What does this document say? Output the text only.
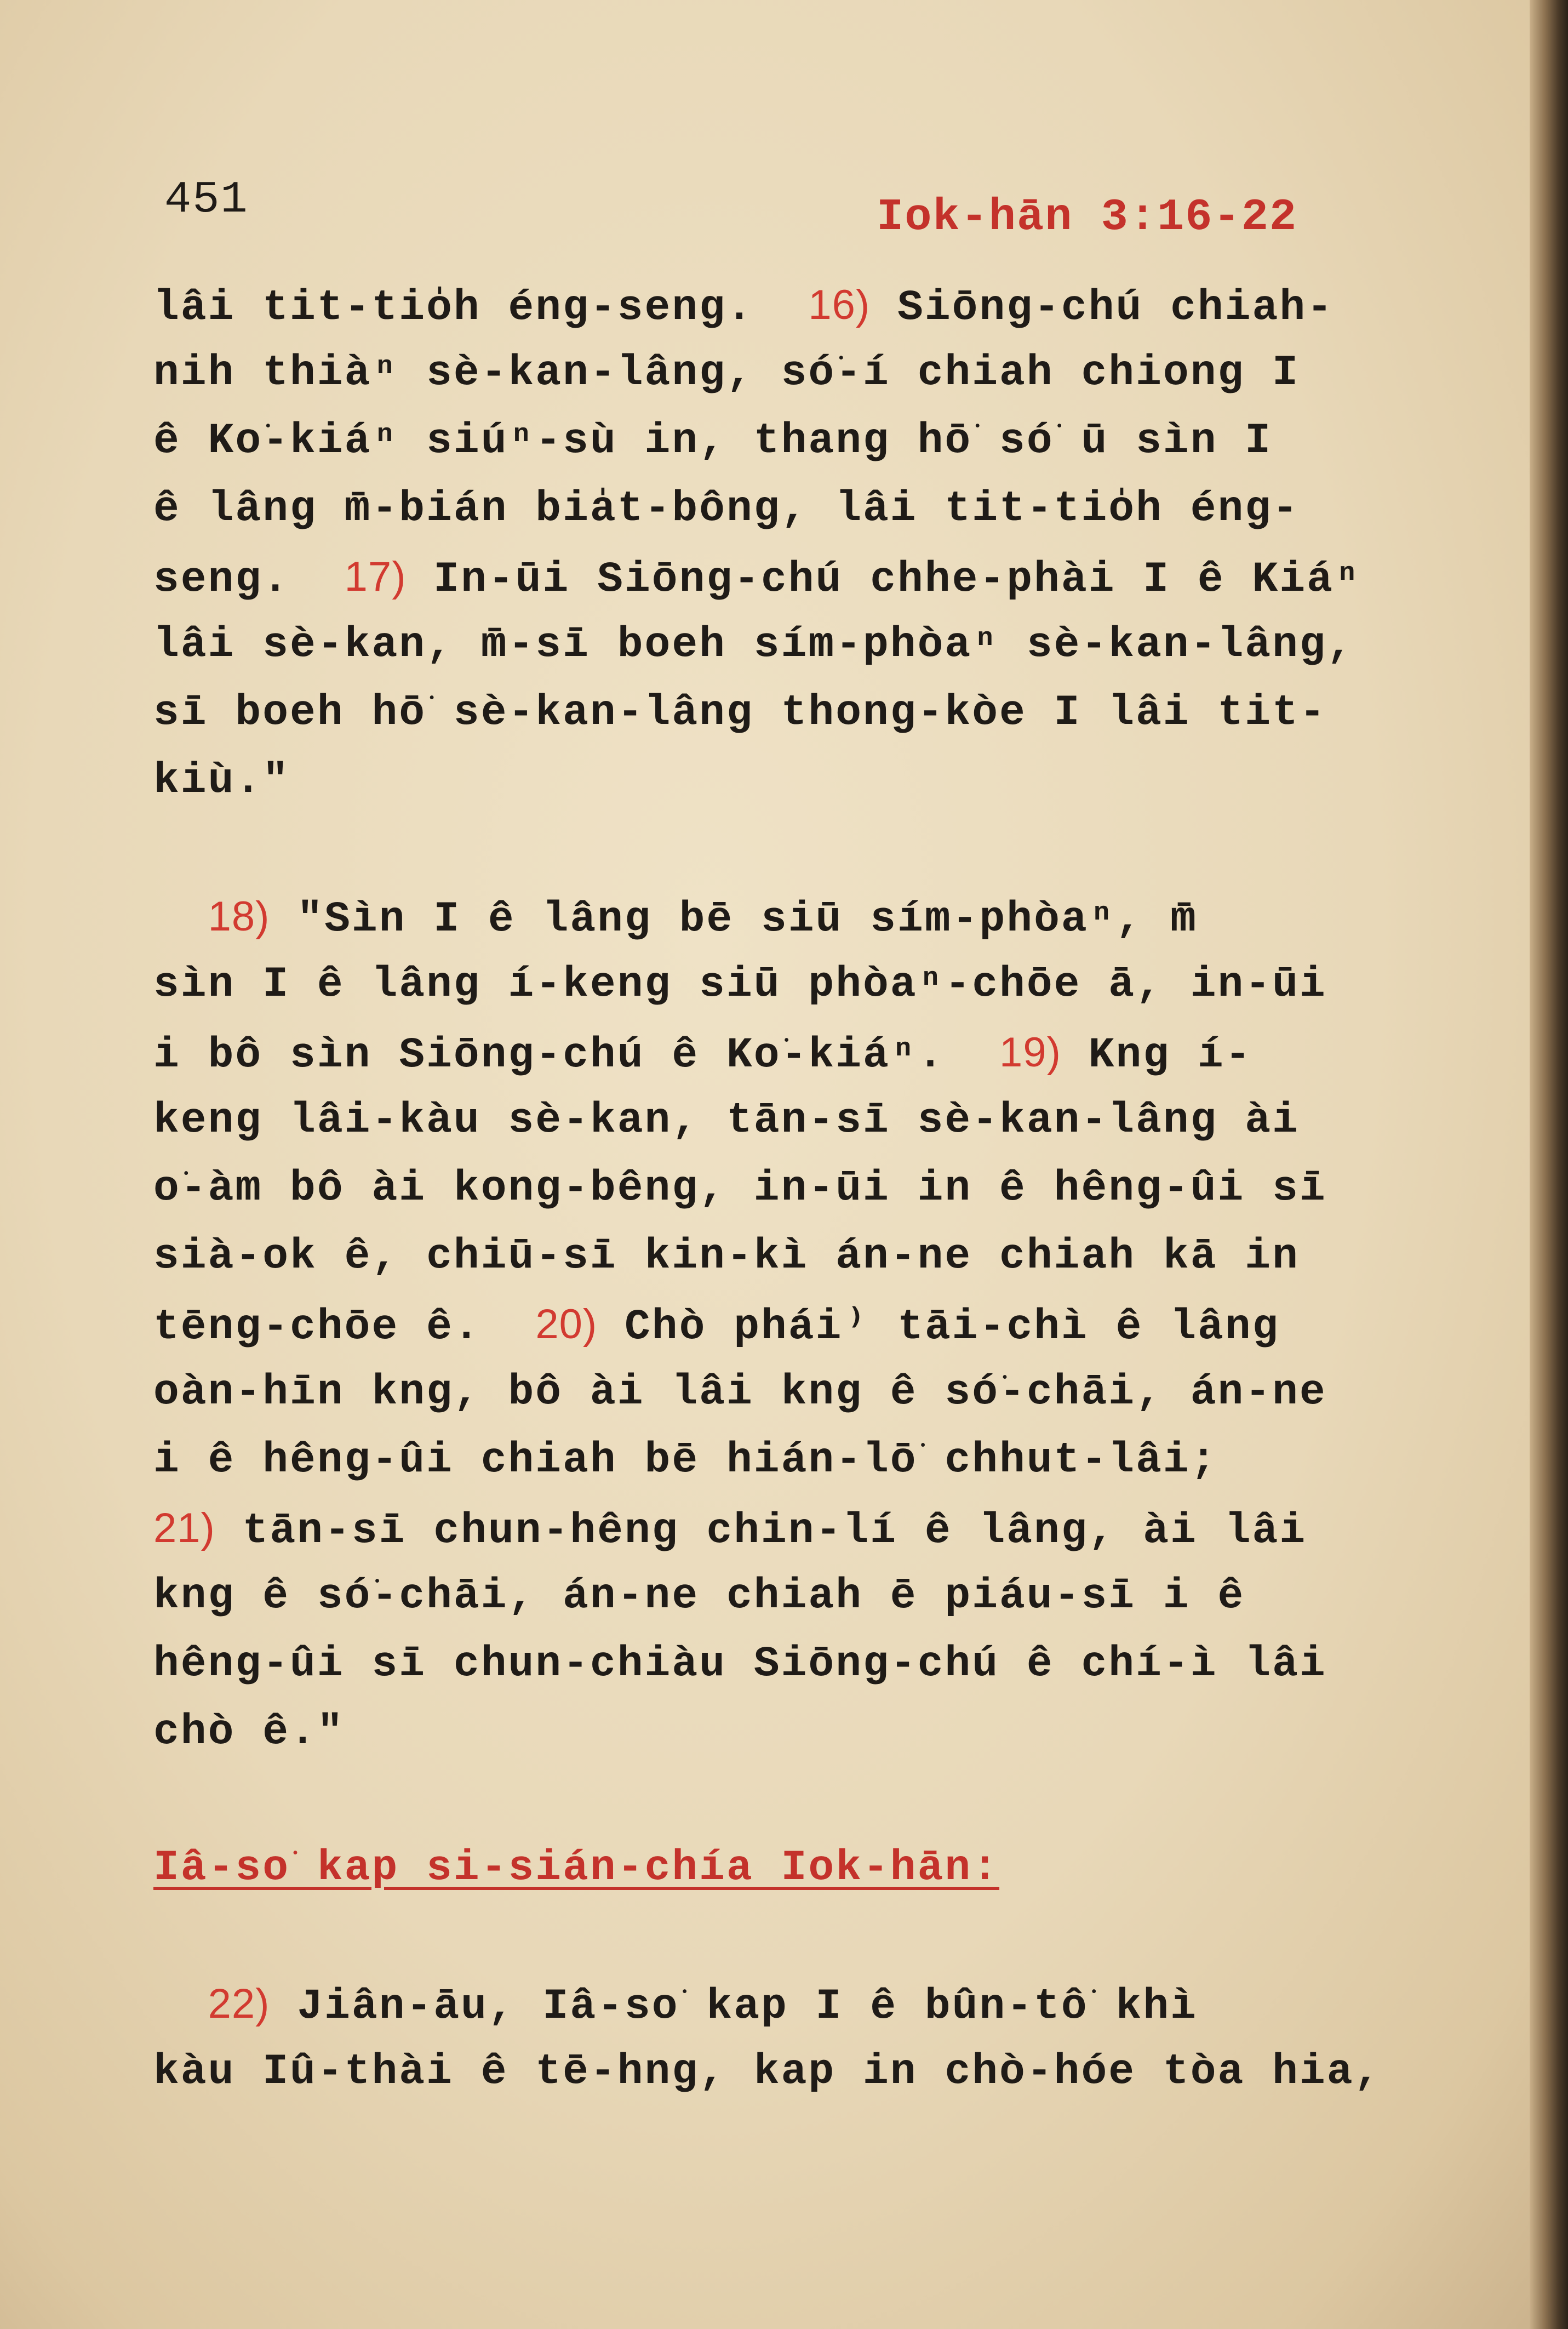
451	Iok-hān 3:16-22
lâi tit-tio̍h éng-seng.  16) Siōng-chú chiah-
nih thiàⁿ sè-kan-lâng, só͘-í chiah chiong I
ê Ko͘-kiáⁿ siúⁿ-sù in, thang hō͘ só͘ ū sìn I
ê lâng m̄-bián bia̍t-bông, lâi tit-tio̍h éng-
seng.  17) In-ūi Siōng-chú chhe-phài I ê Kiáⁿ
lâi sè-kan, m̄-sī boeh sím-phòaⁿ sè-kan-lâng,
sī boeh hō͘ sè-kan-lâng thong-kòe I lâi tit-
kiù."
18) "Sìn I ê lâng bē siū sím-phòaⁿ, m̄
sìn I ê lâng í-keng siū phòaⁿ-chōe ā, in-ūi
i bô sìn Siōng-chú ê Ko͘-kiáⁿ.  19) Kng í-
keng lâi-kàu sè-kan, tān-sī sè-kan-lâng ài
o͘-àm bô ài kong-bêng, in-ūi in ê hêng-ûi sī
sià-ok ê, chiū-sī kin-kì án-ne chiah kā in
tēng-chōe ê.  20) Chò phái⁾ tāi-chì ê lâng
oàn-hīn kng, bô ài lâi kng ê só͘-chāi, án-ne
i ê hêng-ûi chiah bē hián-lō͘ chhut-lâi;
21) tān-sī chun-hêng chin-lí ê lâng, ài lâi
kng ê só͘-chāi, án-ne chiah ē piáu-sī i ê
hêng-ûi sī chun-chiàu Siōng-chú ê chí-ì lâi
chò ê."
Iâ-so͘ kap si-sián-chía Iok-hān:
22) Jiân-āu, Iâ-so͘ kap I ê bûn-tô͘ khì
kàu Iû-thài ê tē-hng, kap in chò-hóe tòa hia,
